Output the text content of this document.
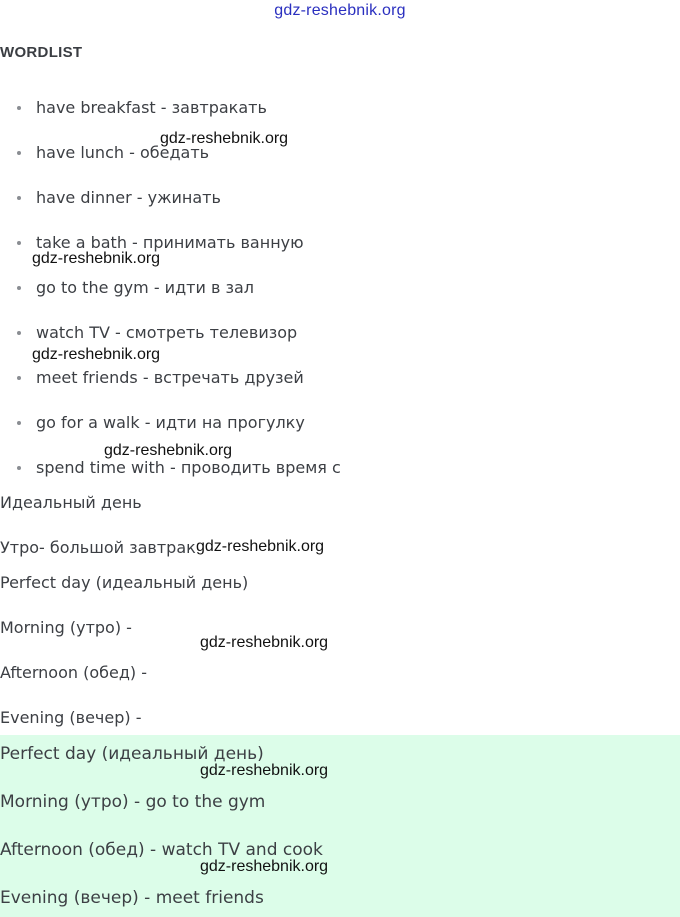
gdz-reshebnik.org
WORDLIST
have breakfast - завтракать
have lunch - обедать
have dinner - ужинать
take a bath - принимать ванную
go to the gym - идти в зал
watch TV - смотреть телевизор
meet friends - встречать друзей
go for a walk - идти на прогулку
spend time with - проводить время с
Идеальный день
Утро- большой завтрак
Perfect day (идеальный день)
Morning (утро) -
Afternoon (обед) -
Evening (вечер) -
Perfect day (идеальный день)
Morning (утро) - go to the gym
Afternoon (обед) - watch TV and cook
Evening (вечер) - meet friends
gdz-reshebnik.org
gdz-reshebnik.org
gdz-reshebnik.org
gdz-reshebnik.org
gdz-reshebnik.org
gdz-reshebnik.org
gdz-reshebnik.org
gdz-reshebnik.org
